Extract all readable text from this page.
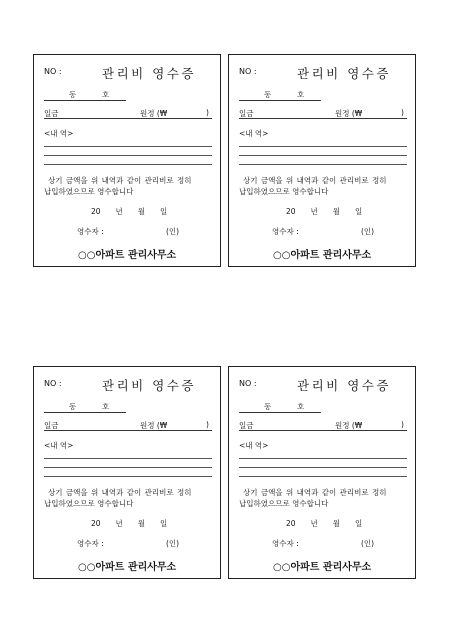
NO :	관리비 영수증
동	호
일금	원정 (₩	)
<내 역>
상기 금액을 위 내역과 같이 관리비로 정히
납입하였으므로 영수합니다
20 년 월 일
영수자 :	(인)
○○아파트 관리사무소
NO :	관리비 영수증
동	호
일금	원정 (₩	)
<내 역>
상기 금액을 위 내역과 같이 관리비로 정히
납입하였으므로 영수합니다
20 년 월 일
영수자 :	(인)
○○아파트 관리사무소
NO :	관리비 영수증
동	호
일금	원정 (₩	)
<내 역>
상기 금액을 위 내역과 같이 관리비로 정히
납입하였으므로 영수합니다
20 년 월 일
영수자 :	(인)
○○아파트 관리사무소
NO :	관리비 영수증
동	호
일금	원정 (₩	)
<내 역>
상기 금액을 위 내역과 같이 관리비로 정히
납입하였으므로 영수합니다
20 년 월 일
영수자 :	(인)
○○아파트 관리사무소
